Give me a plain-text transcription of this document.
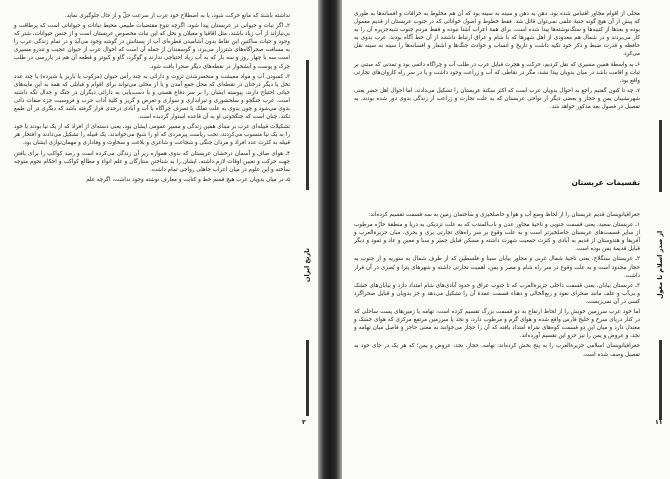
نداشته باشند که مانع حرکت شود، یا به اصطلاح خود عرب از سرعت حلّ و از حال جلوگیری نماید.

۲ـ اگر نبات و حیوانی در عربستان پیدا شود، اگرچه تنوع مقتضیات طبیعی محیط نباتات و حیواناتی است که پرطاقت و بی‌نیازاند از آب زیاد باشند، مثل اقاقیا و مغیلان و نخل که این نبات مخصوص عربستان است و از جنس حیوانات، شتر که وجود و حیات ساکنین این نقاط بدون آشامیدن قطره‌ای آب از پستانش در گوشه وجود می‌آید و در تمام زندگی عرب را به مسافت صحراگاه‌های شترزار می‌برد، و گوسفندان از جمله آن است که احوال عرب از حیوان عجیب و تندرو مسیری است سه یا چهار روز و سه بار که به آب زیاد احتیاجی ندارند و گوگرد، گاو و کبوتر و قطعه آن هم در بازرسی در طلب چرک و پوست و آبشخوار در نقطه‌های دیگر صحرا یافت شود.

۳ـ کمبودن آب و مواد معیشت و منحصرشدن ثروت و دارائی به چند رأس حیوان (مرکوب یا باربر یا شیرده) یا چند عدد نخل یا دیگر درختان در نقطه‌ای که محل جمع آمدن و یا از محلی می‌تواند برای اقوام و قبایلی که همه به این مایه‌های حیاتی احتیاج دارند، پیوسته ایشان را بر سر دفاع هستی و یا دست‌یابی به دارائی دیگران در جنگ و جدال نگه داشته است. عرب جنگجو و سلحشوری و تیراندازی و سواری و تعرض و گریز و کلیهٔ آداب حرب و فروسیت جزء صفات ذاتی بدوی می‌شود و چون بدوی به علت تملک یا تصرف چراگاه یا آب و آبادی درحدی قرار گرفته باشد که دیگری در آن طمع نکند، چنان است که جنگجوئی او به آن قاعده استوار گردیده است.

تشکیلات قبیله‌ای عرب بر مبنای همین زندگی و مسیر عمومی ایشان بود، یعنی دسته‌ای از افراد که از یک نیا بودند یا خود را به یک نیا منسوب می‌کردند، تحت ریاست پیرمردی که او را شیخ می‌خواندند، یک قبیله را تشکیل می‌دادند و افتخار هر قبیله به کثرت عدد افراد و مردان جنگی و شجاعت و شاعری و بلاغت و سخاوت و وفاداری و مهمان‌نوازی ایشان بود.

۴ـ هوای صاف و آسمان درخشان عربستان که بدوی همواره زیر آن زندگی می‌کرده است و رصد کواکب را برای یافتن جهت حرکت و تعیین اوقات لازم داشته، ایشان را به شناختن ستارگان و علم انواء و مطالع کواکب و احکام نجوم متوجه ساخته و این علوم در میان اعراب جاهلی رواجی تمام داشت.

۵ـ در میان بدویان عرب هیچ قسم خط و کتابت و معارف نوشته وجود نداشت، اگرچه علم

تاریخ ایران
۲

محلی از اقوام مجاور اقتباس شده بود، دهن به دهن و سینه به سینه بود که آن هم مخلوط به خرافات و افسانه‌ها به طوری که پیش از آن هیچ گونه جنبهٔ علمی نمی‌توان قائل شد. فقط خطوط و اصول خوانائی که در جنوب عربستان از قدیم معمول بوده و بعدها از کتیبه‌ها و سنگ‌نوشته‌ها پیدا شده است، برای همهٔ اعراب آشنا نبوده و فقط مردم جنوب شبه‌جزیره آن را به کار می‌بردند و در شمال هم معدودی از اهل شهرها که با شام و عراق ارتباط داشتند از آن خط آگاه بودند. عرب بدوی به حافظه و قدرت ضبط و ذکر خود تکیه داشت و تاریخ و انساب و حوادث جنگ‌ها و اشعار و افسانه‌ها را سینه به سینه نقل می‌کرد.

۶ـ به واسطهٔ همین مسیری که نقل کردیم، حرکت و هجرت قبایل عرب در طلب آب و چراگاه دائمی بود و تمدنی که مبتنی بر ثبات و اقامت باشد در میان بدویان پیدا نشد، مگر در نقاطی که آب و زراعت وجود داشت و یا در سر راه کاروان‌های تجارتی واقع بود.

۷ـ چه تا کنون گفتیم راجع به احوال بدویان عرب است که اکثر سکنهٔ عربستان را تشکیل می‌دادند، اما احوال اهل حضر یعنی شهرنشینان یمن و حجاز و بعضی دیگر از نواحی عربستان که به علت تجارت و زراعت از زندگی بدوی دور شده بودند، به تفصیل در فصول بعد مذکور خواهد شد.

تقسیمات عربستان

جغرافیانویسان قدیم عربستان را از لحاظ وضع آب و هوا و حاصلخیزی و ساختمان زمین به سه قسمت تقسیم کرده‌اند:

۱ـ عربستان سعید، یعنی قسمت جنوبی و ناحیهٔ مجاور عدن و باب‌المندب که به علت نزدیکی به دریا و منطقهٔ حارّه مرطوب از سایر قسمت‌های عربستان حاصلخیزتر است و به علت وقوع بر سر راه‌های تجارتی بری و بحری، میان جزیرةالعرب و آفریقا و هندوستان از قدیم به آبادی و کثرت جمعیت شهرت داشته و مسکن قبایل حِمیَر و سبا و معین و عاد و ثمود و دیگر قبایل قدیمهٔ یمن بوده است.

۲ـ عربستان سنگلاخ، یعنی ناحیهٔ شمال غربی و مجاور بیابان سینا و فلسطین که از طرف شمال به سوریه و از جنوب به حجاز محدود است و به علت وقوع در سر راه شام و مصر و یمن، اهمیت تجارتی داشته و شهرهای پترا و بُصری در آن قرار داشت.

۳ـ عربستان بیابان، یعنی قسمت داخلی جزیرةالعرب که تا جنوب عراق و حدود آبادی‌های شام امتداد دارد و بیابان‌های خشک و بی‌آب و علف مانند صحرای نفود و ربع‌الخالی و دهناء قسمت عمدهٔ آن را تشکیل می‌دهد و جز بدویان و قبایل صحراگرد کسی در آن نمی‌زیست.

اما خود عرب سرزمین خویش را از لحاظ ارتفاع به دو قسمت بزرگ تقسیم کرده است: تهامه یا زمین‌های پست ساحلی که در کنار دریای سرخ و خلیج فارس واقع شده و هوای گرم و مرطوب دارد، و نجد یا سرزمین مرتفع مرکزی که هوای خشک و معتدل دارد و میان این دو قسمت کوه‌های سَراة امتداد یافته که آن را حجاز می‌خوانند به معنی حاجز و فاصل میان تهامه و نجد، و عروض و یمن را نیز جزو این تقسیم آورده‌اند.

جغرافیانویسان اسلامی جزیرةالعرب را به پنج بخش کرده‌اند: تهامه، حجاز، نجد، عروض و یمن؛ که هر یک در جای خود به تفصیل وصف شده است.

از صدر اسلام تا مغول
۱۱
